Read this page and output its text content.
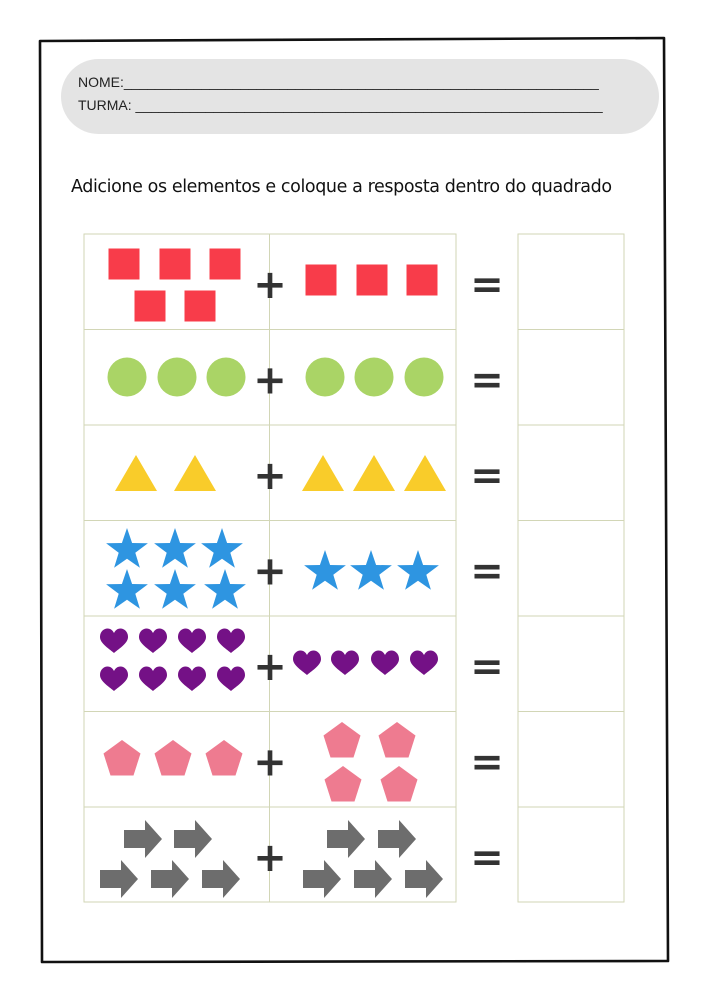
+	=
+	=
+	=
+	=
+	=
+	=
+	=
NOME:_____________________________________________________________
TURMA: ____________________________________________________________
Adicione os elementos e coloque a resposta dentro do quadrado
